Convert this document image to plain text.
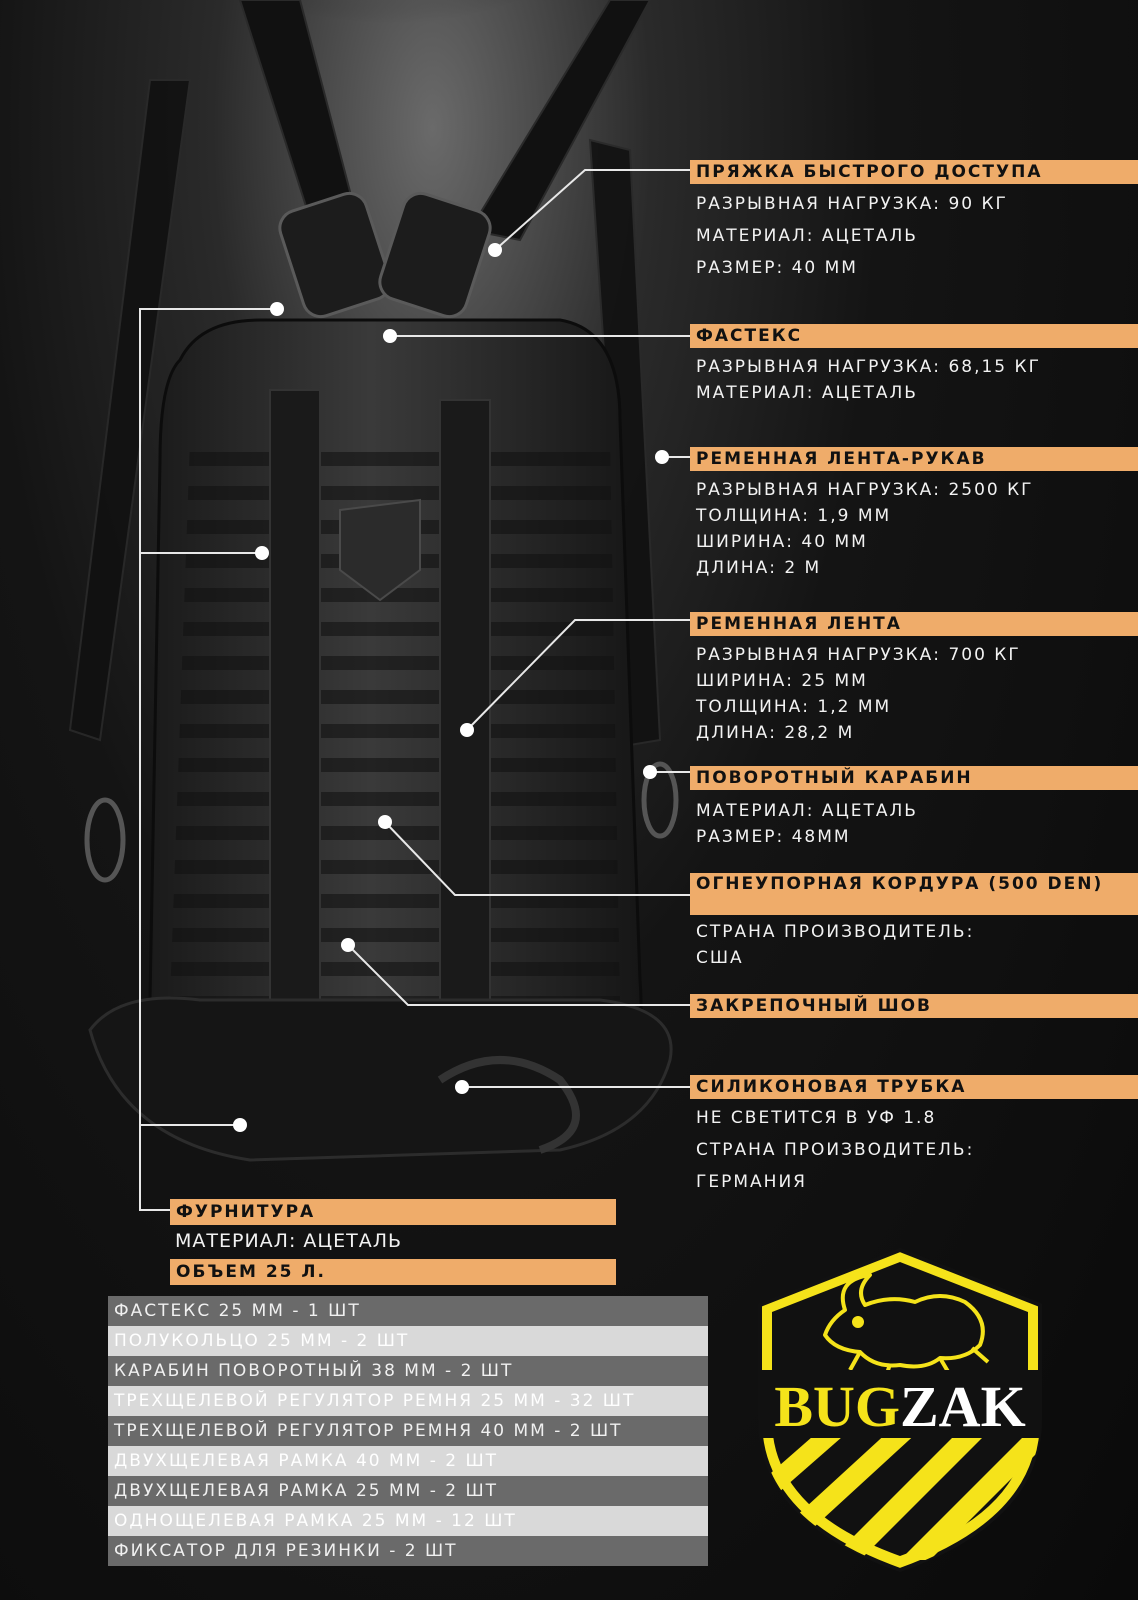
ПРЯЖКА БЫСТРОГО ДОСТУПА
РАЗРЫВНАЯ НАГРУЗКА: 90 КГ
МАТЕРИАЛ: АЦЕТАЛЬ
РАЗМЕР: 40 ММ
ФАСТЕКС
РАЗРЫВНАЯ НАГРУЗКА: 68,15 КГ
МАТЕРИАЛ: АЦЕТАЛЬ
РЕМЕННАЯ ЛЕНТА-РУКАВ
РАЗРЫВНАЯ НАГРУЗКА: 2500 КГ
ТОЛЩИНА: 1,9 ММ
ШИРИНА: 40 ММ
ДЛИНА: 2 М
РЕМЕННАЯ ЛЕНТА
РАЗРЫВНАЯ НАГРУЗКА: 700 КГ
ШИРИНА: 25 ММ
ТОЛЩИНА: 1,2 ММ
ДЛИНА: 28,2 М
ПОВОРОТНЫЙ КАРАБИН
МАТЕРИАЛ: АЦЕТАЛЬ
РАЗМЕР: 48ММ
ОГНЕУПОРНАЯ КОРДУРА (500 DEN)
СТРАНА ПРОИЗВОДИТЕЛЬ:
США
ЗАКРЕПОЧНЫЙ ШОВ
СИЛИКОНОВАЯ ТРУБКА
НЕ СВЕТИТСЯ В УФ 1.8
СТРАНА ПРОИЗВОДИТЕЛЬ:
ГЕРМАНИЯ
ФУРНИТУРА
МАТЕРИАЛ: АЦЕТАЛЬ
ОБЪЕМ 25 Л.
ФАСТЕКС 25 ММ - 1 ШТ
ПОЛУКОЛЬЦО 25 ММ - 2 ШТ
КАРАБИН ПОВОРОТНЫЙ 38 ММ - 2 ШТ
ТРЕХЩЕЛЕВОЙ РЕГУЛЯТОР РЕМНЯ 25 ММ - 32 ШТ
ТРЕХЩЕЛЕВОЙ РЕГУЛЯТОР РЕМНЯ 40 ММ - 2 ШТ
ДВУХЩЕЛЕВАЯ РАМКА 40 ММ - 2 ШТ
ДВУХЩЕЛЕВАЯ РАМКА 25 ММ - 2 ШТ
ОДНОЩЕЛЕВАЯ РАМКА 25 ММ - 12 ШТ
ФИКСАТОР ДЛЯ РЕЗИНКИ - 2 ШТ
BUGZAK
